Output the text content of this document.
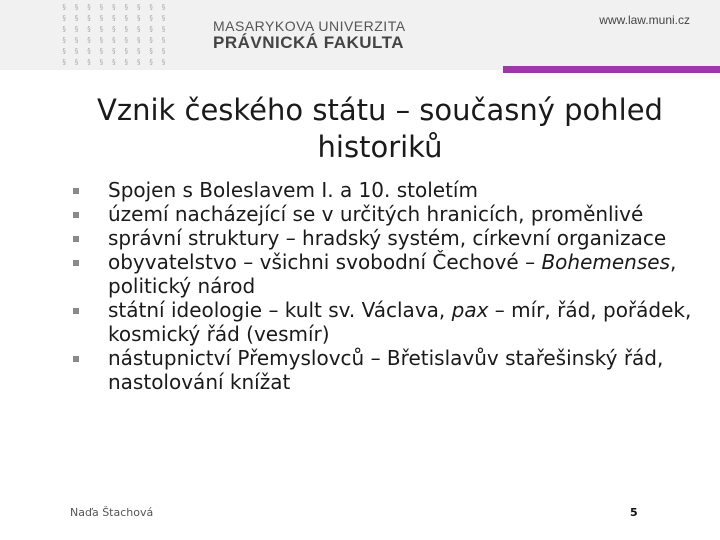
§ § § § § § § § §
§ § § § § § § § §
§ § § § § § § § §
§ § § § § § § § §
§ § § § § § § § §
§ § § § § § § § §
MASARYKOVA UNIVERZITA
PRÁVNICKÁ FAKULTA
www.law.muni.cz
Vznik českého státu – současný pohled historiků
Spojen s Boleslavem I. a 10. stoletím
území nacházející se v určitých hranicích, proměnlivé
správní struktury – hradský systém, církevní organizace
obyvatelstvo – všichni svobodní Čechové – Bohemenses, politický národ
státní ideologie – kult sv. Václava, pax – mír, řád, pořádek, kosmický řád (vesmír)
nástupnictví Přemyslovců – Břetislavův stařešinský řád, nastolování knížat
Naďa Štachová	5
